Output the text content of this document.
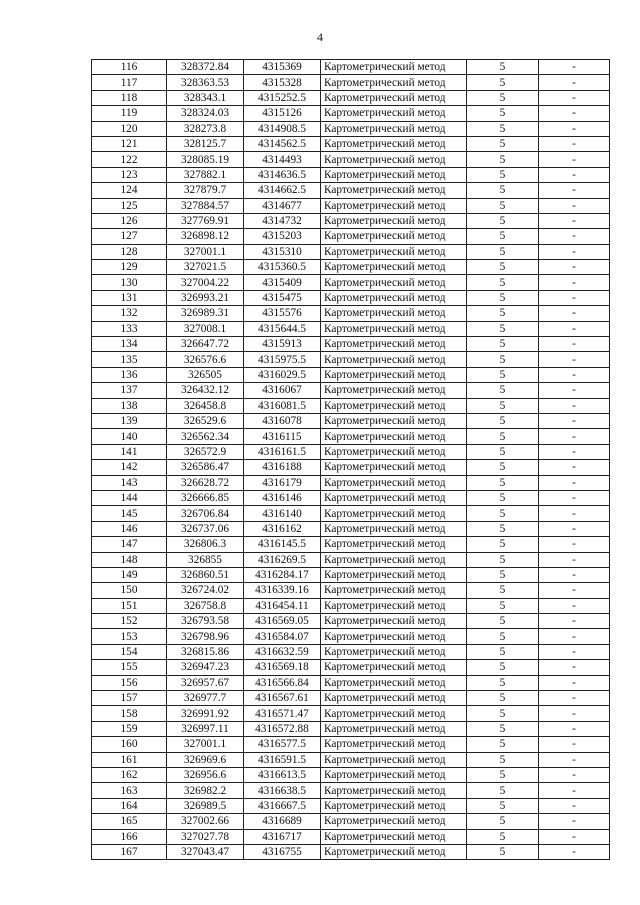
4
116	328372.84	4315369	Картометрический метод	5	-
117	328363.53	4315328	Картометрический метод	5	-
118	328343.1	4315252.5	Картометрический метод	5	-
119	328324.03	4315126	Картометрический метод	5	-
120	328273.8	4314908.5	Картометрический метод	5	-
121	328125.7	4314562.5	Картометрический метод	5	-
122	328085.19	4314493	Картометрический метод	5	-
123	327882.1	4314636.5	Картометрический метод	5	-
124	327879.7	4314662.5	Картометрический метод	5	-
125	327884.57	4314677	Картометрический метод	5	-
126	327769.91	4314732	Картометрический метод	5	-
127	326898.12	4315203	Картометрический метод	5	-
128	327001.1	4315310	Картометрический метод	5	-
129	327021.5	4315360.5	Картометрический метод	5	-
130	327004.22	4315409	Картометрический метод	5	-
131	326993.21	4315475	Картометрический метод	5	-
132	326989.31	4315576	Картометрический метод	5	-
133	327008.1	4315644.5	Картометрический метод	5	-
134	326647.72	4315913	Картометрический метод	5	-
135	326576.6	4315975.5	Картометрический метод	5	-
136	326505	4316029.5	Картометрический метод	5	-
137	326432.12	4316067	Картометрический метод	5	-
138	326458.8	4316081.5	Картометрический метод	5	-
139	326529.6	4316078	Картометрический метод	5	-
140	326562.34	4316115	Картометрический метод	5	-
141	326572.9	4316161.5	Картометрический метод	5	-
142	326586.47	4316188	Картометрический метод	5	-
143	326628.72	4316179	Картометрический метод	5	-
144	326666.85	4316146	Картометрический метод	5	-
145	326706.84	4316140	Картометрический метод	5	-
146	326737.06	4316162	Картометрический метод	5	-
147	326806.3	4316145.5	Картометрический метод	5	-
148	326855	4316269.5	Картометрический метод	5	-
149	326860.51	4316284.17	Картометрический метод	5	-
150	326724.02	4316339.16	Картометрический метод	5	-
151	326758.8	4316454.11	Картометрический метод	5	-
152	326793.58	4316569.05	Картометрический метод	5	-
153	326798.96	4316584.07	Картометрический метод	5	-
154	326815.86	4316632.59	Картометрический метод	5	-
155	326947.23	4316569.18	Картометрический метод	5	-
156	326957.67	4316566.84	Картометрический метод	5	-
157	326977.7	4316567.61	Картометрический метод	5	-
158	326991.92	4316571.47	Картометрический метод	5	-
159	326997.11	4316572.88	Картометрический метод	5	-
160	327001.1	4316577.5	Картометрический метод	5	-
161	326969.6	4316591.5	Картометрический метод	5	-
162	326956.6	4316613.5	Картометрический метод	5	-
163	326982.2	4316638.5	Картометрический метод	5	-
164	326989.5	4316667.5	Картометрический метод	5	-
165	327002.66	4316689	Картометрический метод	5	-
166	327027.78	4316717	Картометрический метод	5	-
167	327043.47	4316755	Картометрический метод	5	-
